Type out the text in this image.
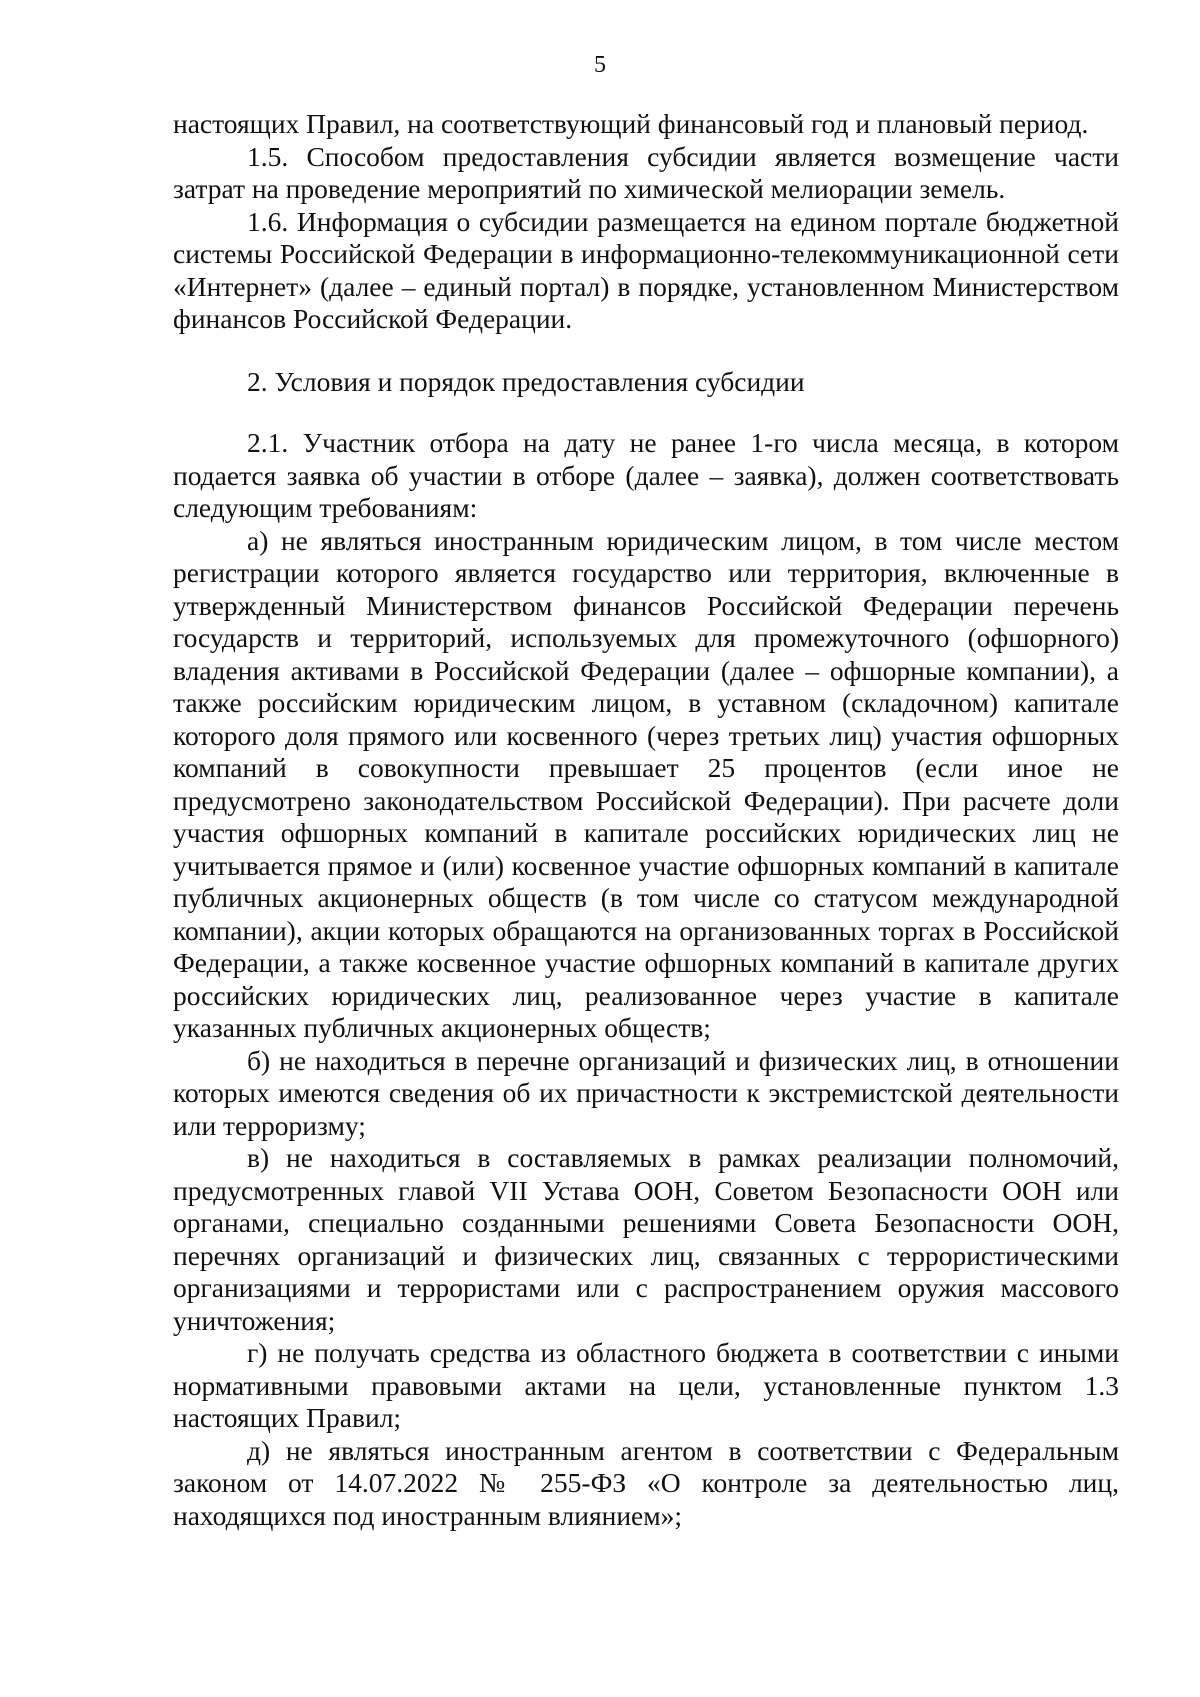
5

настоящих Правил, на соответствующий финансовый год и плановый период.

1.5. Способом предоставления субсидии является возмещение части затрат на проведение мероприятий по химической мелиорации земель.

1.6. Информация о субсидии размещается на едином портале бюджетной системы Российской Федерации в информационно-телекоммуникационной сети «Интернет» (далее – единый портал) в порядке, установленном Министерством финансов Российской Федерации.

2. Условия и порядок предоставления субсидии

2.1. Участник отбора на дату не ранее 1-го числа месяца, в котором подается заявка об участии в отборе (далее – заявка), должен соответствовать следующим требованиям:

а) не являться иностранным юридическим лицом, в том числе местом регистрации которого является государство или территория, включенные в утвержденный Министерством финансов Российской Федерации перечень государств и территорий, используемых для промежуточного (офшорного) владения активами в Российской Федерации (далее – офшорные компании), а также российским юридическим лицом, в уставном (складочном) капитале которого доля прямого или косвенного (через третьих лиц) участия офшорных компаний в совокупности превышает 25 процентов (если иное не предусмотрено законодательством Российской Федерации). При расчете доли участия офшорных компаний в капитале российских юридических лиц не учитывается прямое и (или) косвенное участие офшорных компаний в капитале публичных акционерных обществ (в том числе со статусом международной компании), акции которых обращаются на организованных торгах в Российской Федерации, а также косвенное участие офшорных компаний в капитале других российских юридических лиц, реализованное через участие в капитале указанных публичных акционерных обществ;

б) не находиться в перечне организаций и физических лиц, в отношении которых имеются сведения об их причастности к экстремистской деятельности или терроризму;

в) не находиться в составляемых в рамках реализации полномочий, предусмотренных главой VII Устава ООН, Советом Безопасности ООН или органами, специально созданными решениями Совета Безопасности ООН, перечнях организаций и физических лиц, связанных с террористическими организациями и террористами или с распространением оружия массового уничтожения;

г) не получать средства из областного бюджета в соответствии с иными нормативными правовыми актами на цели, установленные пунктом 1.3 настоящих Правил;

д) не являться иностранным агентом в соответствии с Федеральным законом от 14.07.2022 № 255-ФЗ «О контроле за деятельностью лиц, находящихся под иностранным влиянием»;
